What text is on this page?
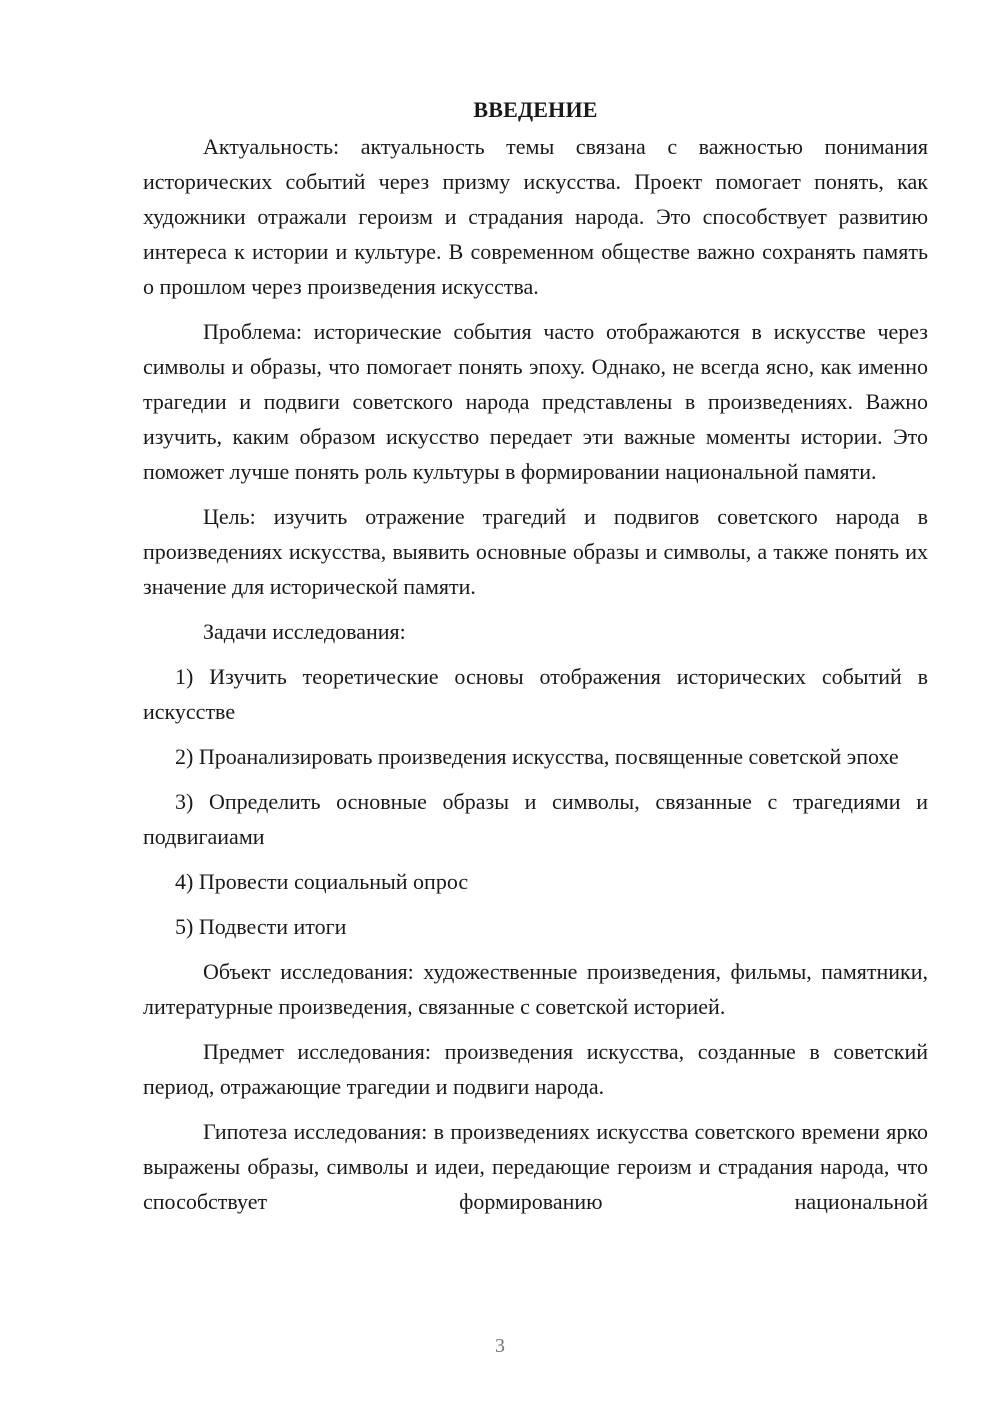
ВВЕДЕНИЕ

Актуальность: актуальность темы связана с важностью понимания исторических событий через призму искусства. Проект помогает понять, как художники отражали героизм и страдания народа. Это способствует развитию интереса к истории и культуре. В современном обществе важно сохранять память о прошлом через произведения искусства.

Проблема: исторические события часто отображаются в искусстве через символы и образы, что помогает понять эпоху. Однако, не всегда ясно, как именно трагедии и подвиги советского народа представлены в произведениях. Важно изучить, каким образом искусство передает эти важные моменты истории. Это поможет лучше понять роль культуры в формировании национальной памяти.

Цель: изучить отражение трагедий и подвигов советского народа в произведениях искусства, выявить основные образы и символы, а также понять их значение для исторической памяти.

Задачи исследования:

1) Изучить теоретические основы отображения исторических событий в искусстве

2) Проанализировать произведения искусства, посвященные советской эпохе

3) Определить основные образы и символы, связанные с трагедиями и подвигаиами

4) Провести социальный опрос

5) Подвести итоги

Объект исследования: художественные произведения, фильмы, памятники, литературные произведения, связанные с советской историей.

Предмет исследования: произведения искусства, созданные в советский период, отражающие трагедии и подвиги народа.

Гипотеза исследования: в произведениях искусства советского времени ярко выражены образы, символы и идеи, передающие героизм и страдания народа, что способствует формированию национальной

3
